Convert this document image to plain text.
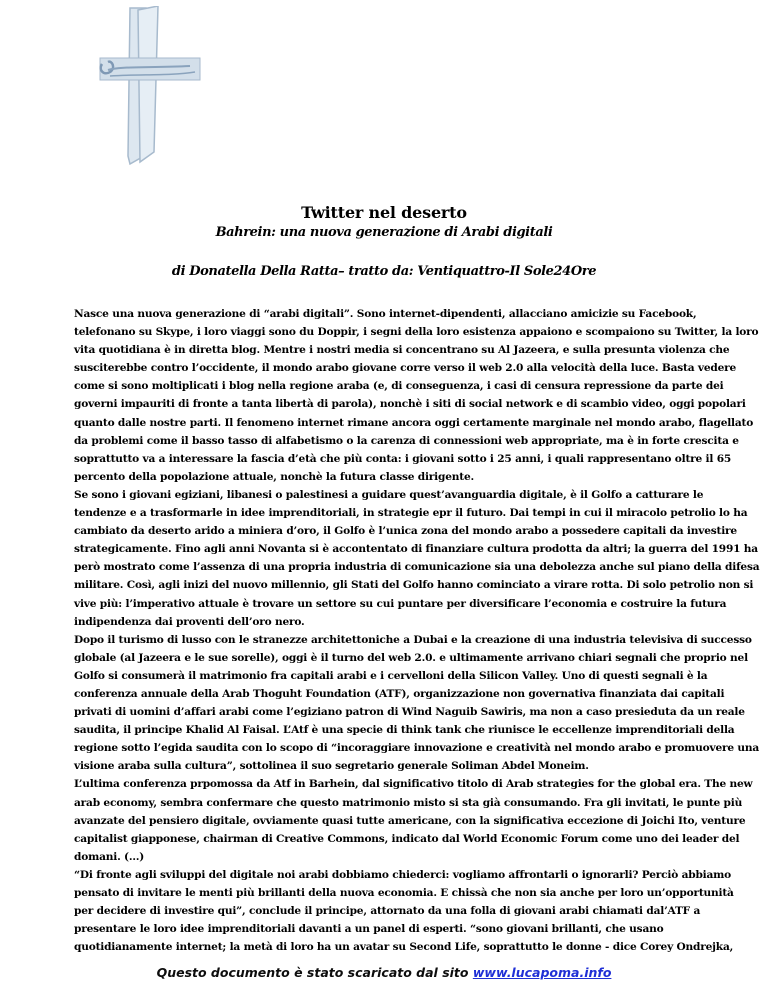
Twitter nel deserto
Bahrein: una nuova generazione di Arabi digitali
di Donatella Della Ratta– tratto da: Ventiquattro-Il Sole24Ore

Nasce una nuova generazione di “arabi digitali”. Sono internet-dipendenti, allacciano amicizie su Facebook,

telefonano su Skype, i loro viaggi sono du Doppir, i segni della loro esistenza appaiono e scompaiono su Twitter, la loro

vita quotidiana è in diretta blog. Mentre i nostri media si concentrano su Al Jazeera, e sulla presunta violenza che

susciterebbe contro l’occidente, il mondo arabo giovane corre verso il web 2.0 alla velocità della luce. Basta vedere

come si sono moltiplicati i blog nella regione araba (e, di conseguenza, i casi di censura repressione da parte dei

governi impauriti di fronte a tanta libertà di parola), nonchè i siti di social network e di scambio video, oggi popolari

quanto dalle nostre parti. Il fenomeno internet rimane ancora oggi certamente marginale nel mondo arabo, flagellato

da problemi come il basso tasso di alfabetismo o la carenza di connessioni web appropriate, ma è in forte crescita e

soprattutto va a interessare la fascia d’età che più conta: i giovani sotto i 25 anni, i quali rappresentano oltre il 65

percento della popolazione attuale, nonchè la futura classe dirigente.

Se sono i giovani egiziani, libanesi o palestinesi a guidare quest’avanguardia digitale, è il Golfo a catturare le

tendenze e a trasformarle in idee imprenditoriali, in strategie epr il futuro. Dai tempi in cui il miracolo petrolio lo ha

cambiato da deserto arido a miniera d’oro, il Golfo è l’unica zona del mondo arabo a possedere capitali da investire

strategicamente. Fino agli anni Novanta si è accontentato di finanziare cultura prodotta da altri; la guerra del 1991 ha

però mostrato come l’assenza di una propria industria di comunicazione sia una debolezza anche sul piano della difesa

militare. Così, agli inizi del nuovo millennio, gli Stati del Golfo hanno cominciato a virare rotta. Di solo petrolio non si

vive più: l’imperativo attuale è trovare un settore su cui puntare per diversificare l’economia e costruire la futura

indipendenza dai proventi dell’oro nero.

Dopo il turismo di lusso con le stranezze architettoniche a Dubai e la creazione di una industria televisiva di successo

globale (al Jazeera e le sue sorelle), oggi è il turno del web 2.0. e ultimamente arrivano chiari segnali che proprio nel

Golfo si consumerà il matrimonio fra capitali arabi e i cervelloni della Silicon Valley. Uno di questi segnali è la

conferenza annuale della Arab Thoguht Foundation (ATF), organizzazione non governativa finanziata dai capitali

privati di uomini d’affari arabi come l’egiziano patron di Wind Naguib Sawiris, ma non a caso presieduta da un reale

saudita, il principe Khalid Al Faisal. L’Atf è una specie di think tank che riunisce le eccellenze imprenditoriali della

regione sotto l’egida saudita con lo scopo di “incoraggiare innovazione e creatività nel mondo arabo e promuovere una

visione araba sulla cultura”, sottolinea il suo segretario generale Soliman Abdel Moneim.

L’ultima conferenza prpomossa da Atf in Barhein, dal significativo titolo di Arab strategies for the global era. The new

arab economy, sembra confermare che questo matrimonio misto si sta già consumando. Fra gli invitati, le punte più

avanzate del pensiero digitale, ovviamente quasi tutte americane, con la significativa eccezione di Joichi Ito, venture

capitalist giapponese, chairman di Creative Commons, indicato dal World Economic Forum come uno dei leader del

domani. (…)

“Di fronte agli sviluppi del digitale noi arabi dobbiamo chiederci: vogliamo affrontarli o ignorarli? Perciò abbiamo

pensato di invitare le menti più brillanti della nuova economia. E chissà che non sia anche per loro un’opportunità

per decidere di investire qui”, conclude il principe, attornato da una folla di giovani arabi chiamati dal’ATF a

presentare le loro idee imprenditoriali davanti a un panel di esperti. “sono giovani brillanti, che usano

quotidianamente internet; la metà di loro ha un avatar su Second Life, soprattutto le donne - dice Corey Ondrejka,

Questo documento è stato scaricato dal sito www.lucapoma.info
